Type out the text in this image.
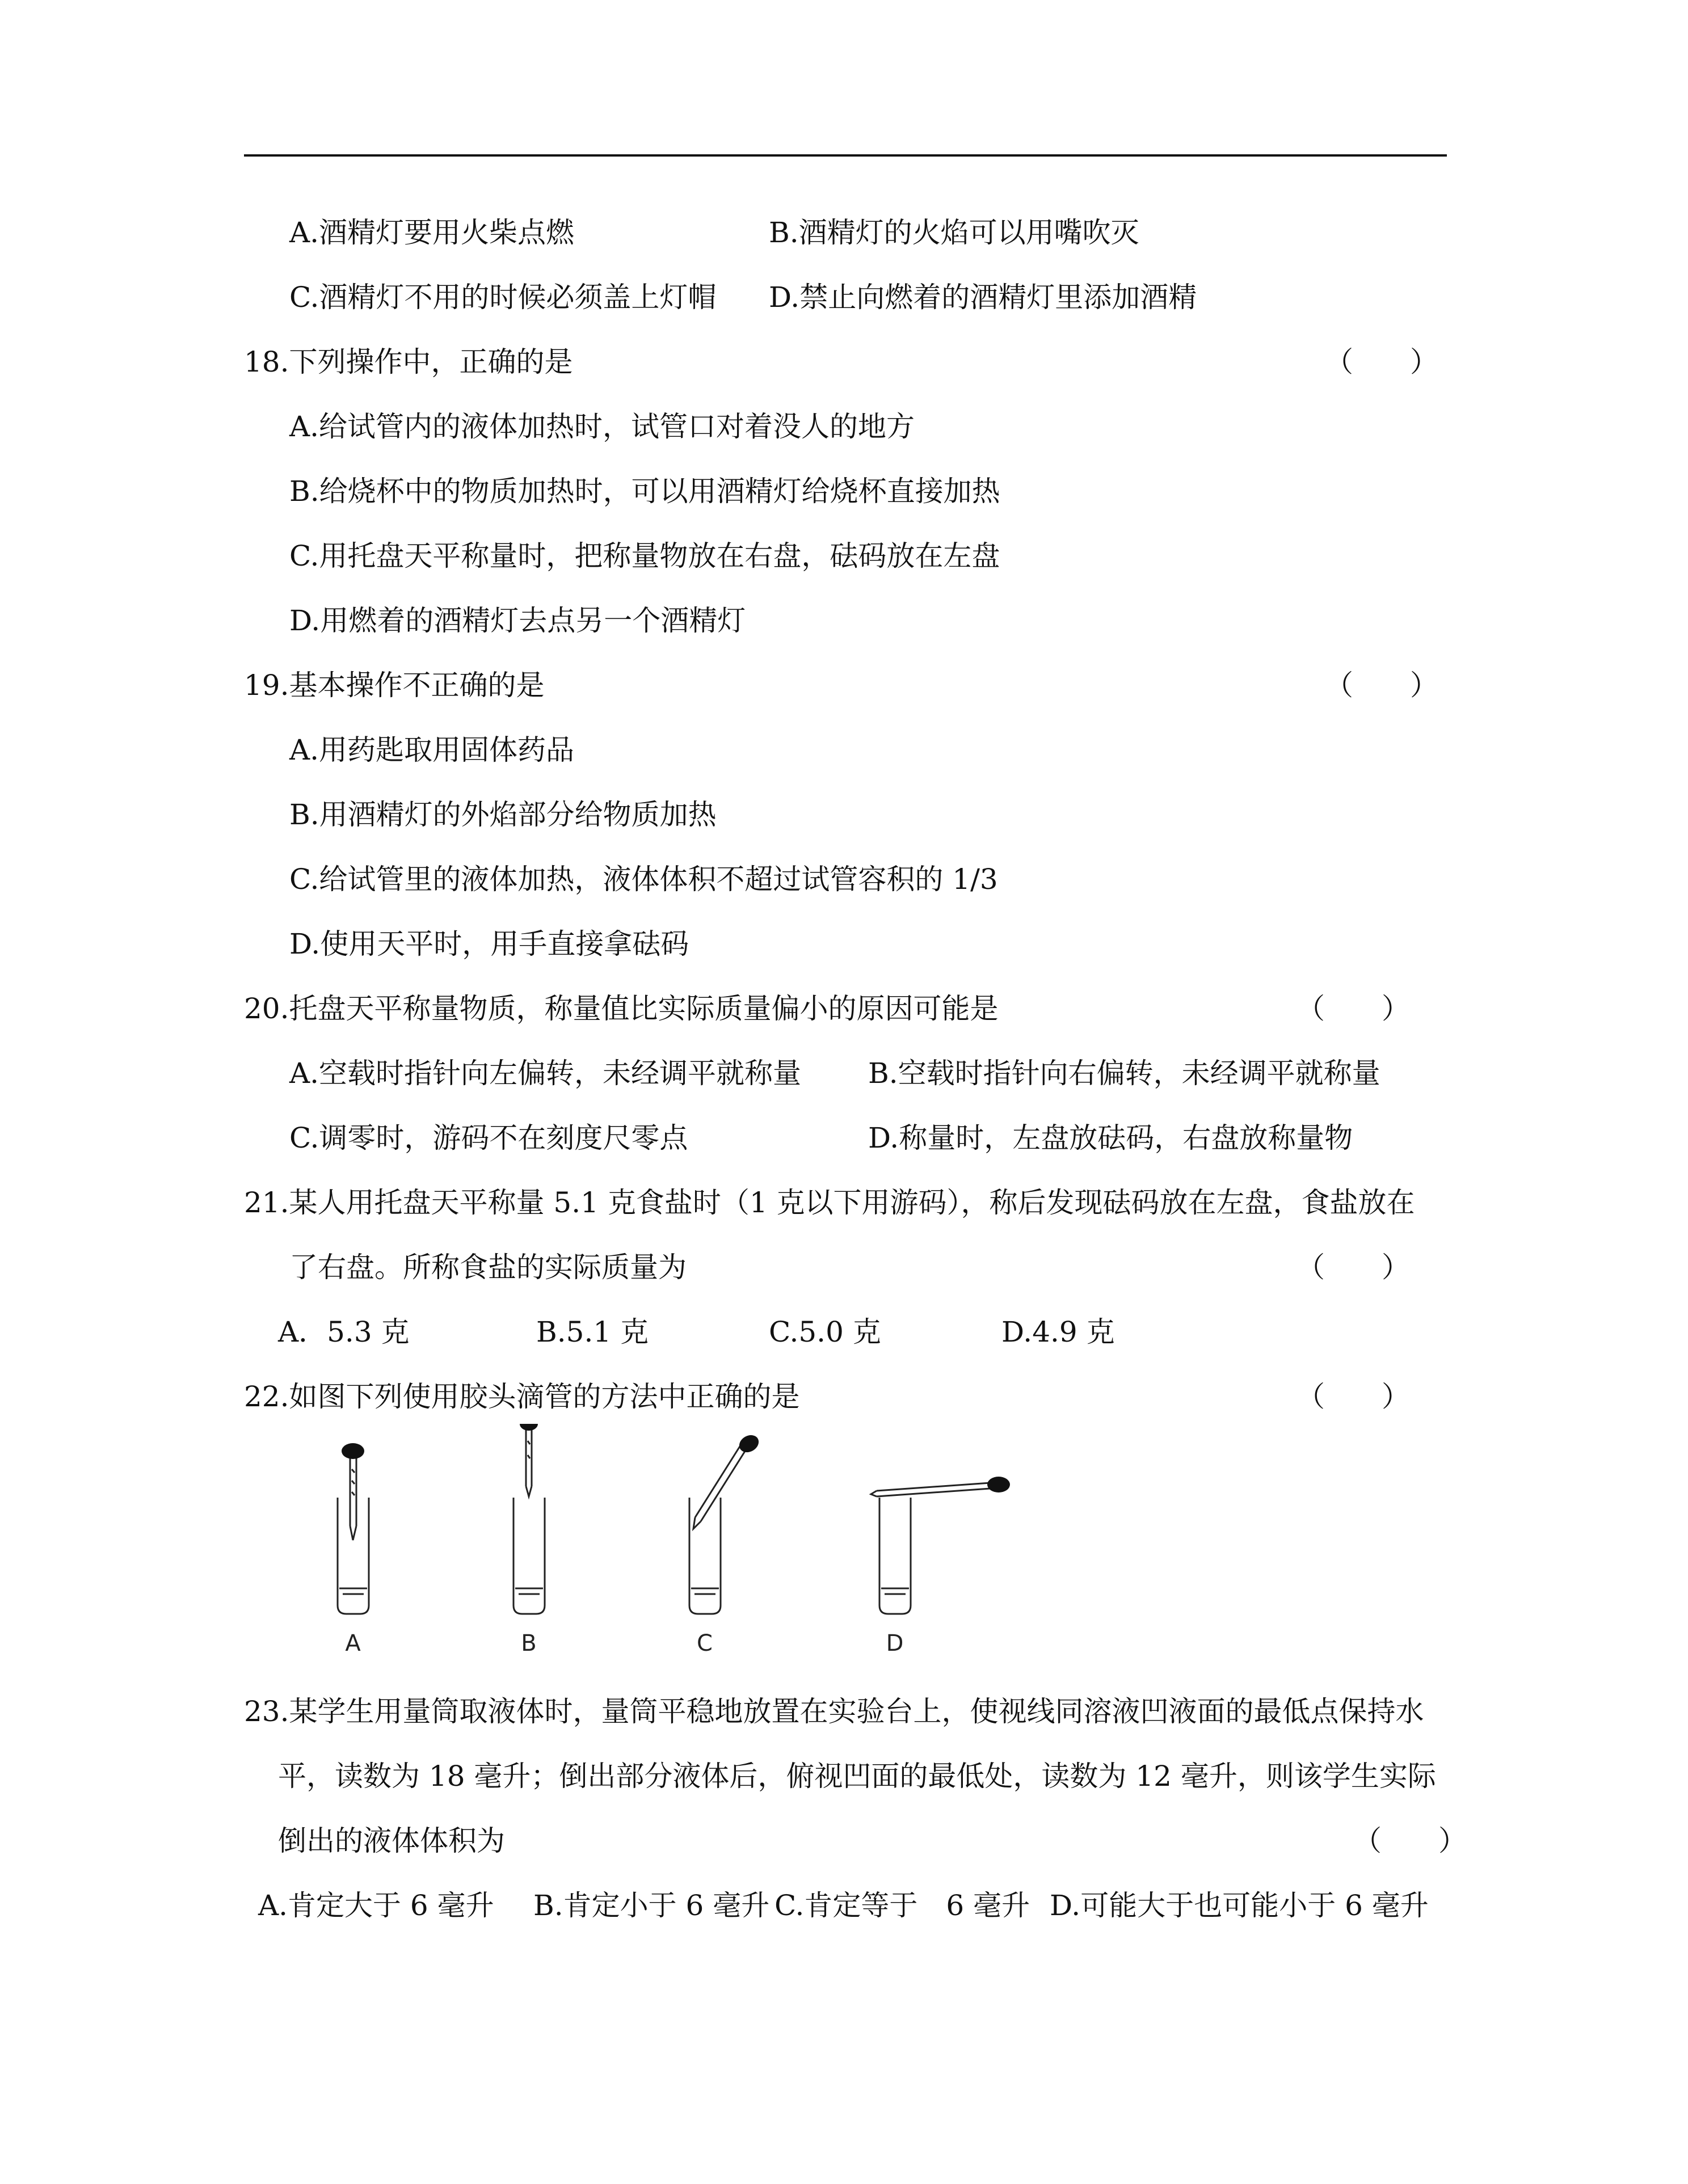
A.酒精灯要用火柴点燃	B.酒精灯的火焰可以用嘴吹灭
C.酒精灯不用的时候必须盖上灯帽 D.禁止向燃着的酒精灯里添加酒精
18.下列操作中，正确的是	（　　）
A.给试管内的液体加热时，试管口对着没人的地方
B.给烧杯中的物质加热时，可以用酒精灯给烧杯直接加热
C.用托盘天平称量时，把称量物放在右盘，砝码放在左盘
D.用燃着的酒精灯去点另一个酒精灯
19.基本操作不正确的是	（　　）
A.用药匙取用固体药品
B.用酒精灯的外焰部分给物质加热
C.给试管里的液体加热，液体体积不超过试管容积的 1/3
D.使用天平时，用手直接拿砝码
20.托盘天平称量物质，称量值比实际质量偏小的原因可能是	（　　）
A.空载时指针向左偏转，未经调平就称量 B.空载时指针向右偏转，未经调平就称量
C.调零时，游码不在刻度尺零点	D.称量时，左盘放砝码，右盘放称量物
21.某人用托盘天平称量 5.1 克食盐时（1 克以下用游码），称后发现砝码放在左盘，食盐放在
了右盘。所称食盐的实际质量为	（　　）
A．5.3 克	B.5.1 克	C.5.0 克	D.4.9 克
22.如图下列使用胶头滴管的方法中正确的是	（　　）
A	B	C	D
23.某学生用量筒取液体时，量筒平稳地放置在实验台上，使视线同溶液凹液面的最低点保持水
平，读数为 18 毫升；倒出部分液体后，俯视凹面的最低处，读数为 12 毫升，则该学生实际
倒出的液体体积为	（　　）
A.肯定大于 6 毫升 B.肯定小于 6 毫升 C.肯定等于　6 毫升 D.可能大于也可能小于 6 毫升
